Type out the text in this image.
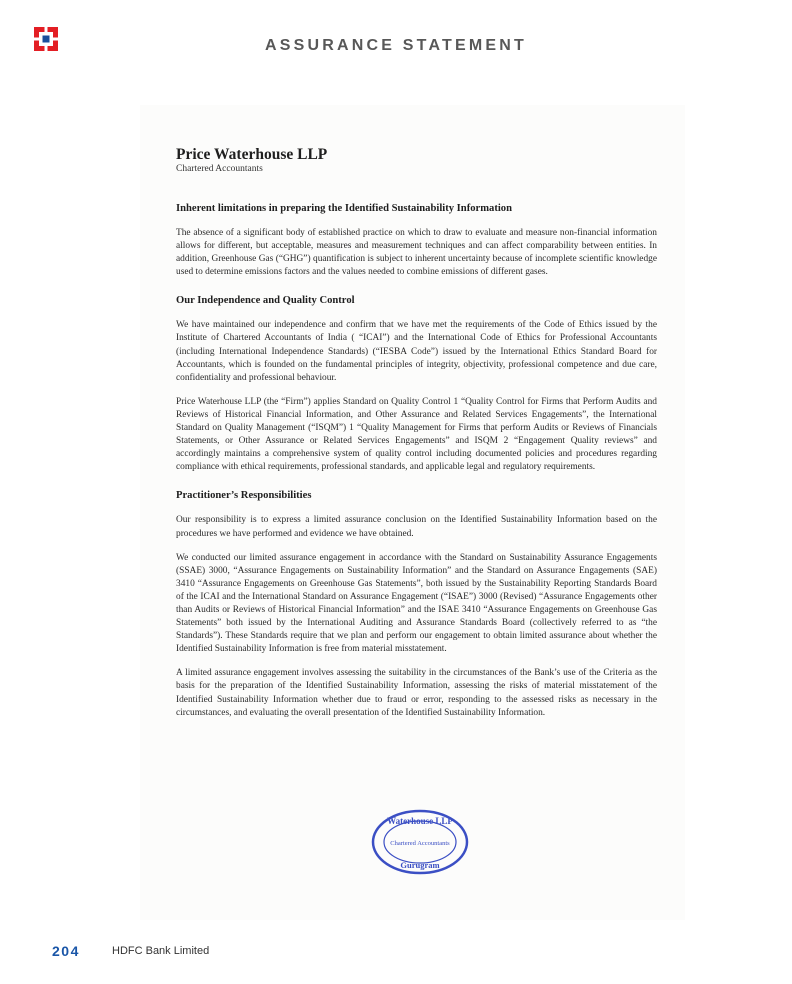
ASSURANCE STATEMENT
Price Waterhouse LLP
Chartered Accountants
Inherent limitations in preparing the Identified Sustainability Information

The absence of a significant body of established practice on which to draw to evaluate and measure non-financial information allows for different, but acceptable, measures and measurement techniques and can affect comparability between entities. In addition, Greenhouse Gas (“GHG”) quantification is subject to inherent uncertainty because of incomplete scientific knowledge used to determine emissions factors and the values needed to combine emissions of different gases.

Our Independence and Quality Control

We have maintained our independence and confirm that we have met the requirements of the Code of Ethics issued by the Institute of Chartered Accountants of India ( “ICAI”) and the International Code of Ethics for Professional Accountants (including International Independence Standards) (“IESBA Code”) issued by the International Ethics Standard Board for Accountants, which is founded on the fundamental principles of integrity, objectivity, professional competence and due care, confidentiality and professional behaviour.

Price Waterhouse LLP (the “Firm”) applies Standard on Quality Control 1 “Quality Control for Firms that Perform Audits and Reviews of Historical Financial Information, and Other Assurance and Related Services Engagements”, the International Standard on Quality Management (“ISQM”) 1 “Quality Management for Firms that perform Audits or Reviews of Financials Statements, or Other Assurance or Related Services Engagements” and ISQM 2 “Engagement Quality reviews” and accordingly maintains a comprehensive system of quality control including documented policies and procedures regarding compliance with ethical requirements, professional standards, and applicable legal and regulatory requirements.

Practitioner’s Responsibilities

Our responsibility is to express a limited assurance conclusion on the Identified Sustainability Information based on the procedures we have performed and evidence we have obtained.

We conducted our limited assurance engagement in accordance with the Standard on Sustainability Assurance Engagements (SSAE) 3000, “Assurance Engagements on Sustainability Information” and the Standard on Assurance Engagements (SAE) 3410 “Assurance Engagements on Greenhouse Gas Statements”, both issued by the Sustainability Reporting Standards Board of the ICAI and the International Standard on Assurance Engagement (“ISAE”) 3000 (Revised) “Assurance Engagements other than Audits or Reviews of Historical Financial Information” and the ISAE 3410 “Assurance Engagements on Greenhouse Gas Statements” both issued by the International Auditing and Assurance Standards Board (collectively referred to as “the Standards”). These Standards require that we plan and perform our engagement to obtain limited assurance about whether the Identified Sustainability Information is free from material misstatement.

A limited assurance engagement involves assessing the suitability in the circumstances of the Bank’s use of the Criteria as the basis for the preparation of the Identified Sustainability Information, assessing the risks of material misstatement of the Identified Sustainability Information whether due to fraud or error, responding to the assessed risks as necessary in the circumstances, and evaluating the overall presentation of the Identified Sustainability Information.

Waterhouse LLP
Chartered Accountants
Gurugram
204	HDFC Bank Limited
